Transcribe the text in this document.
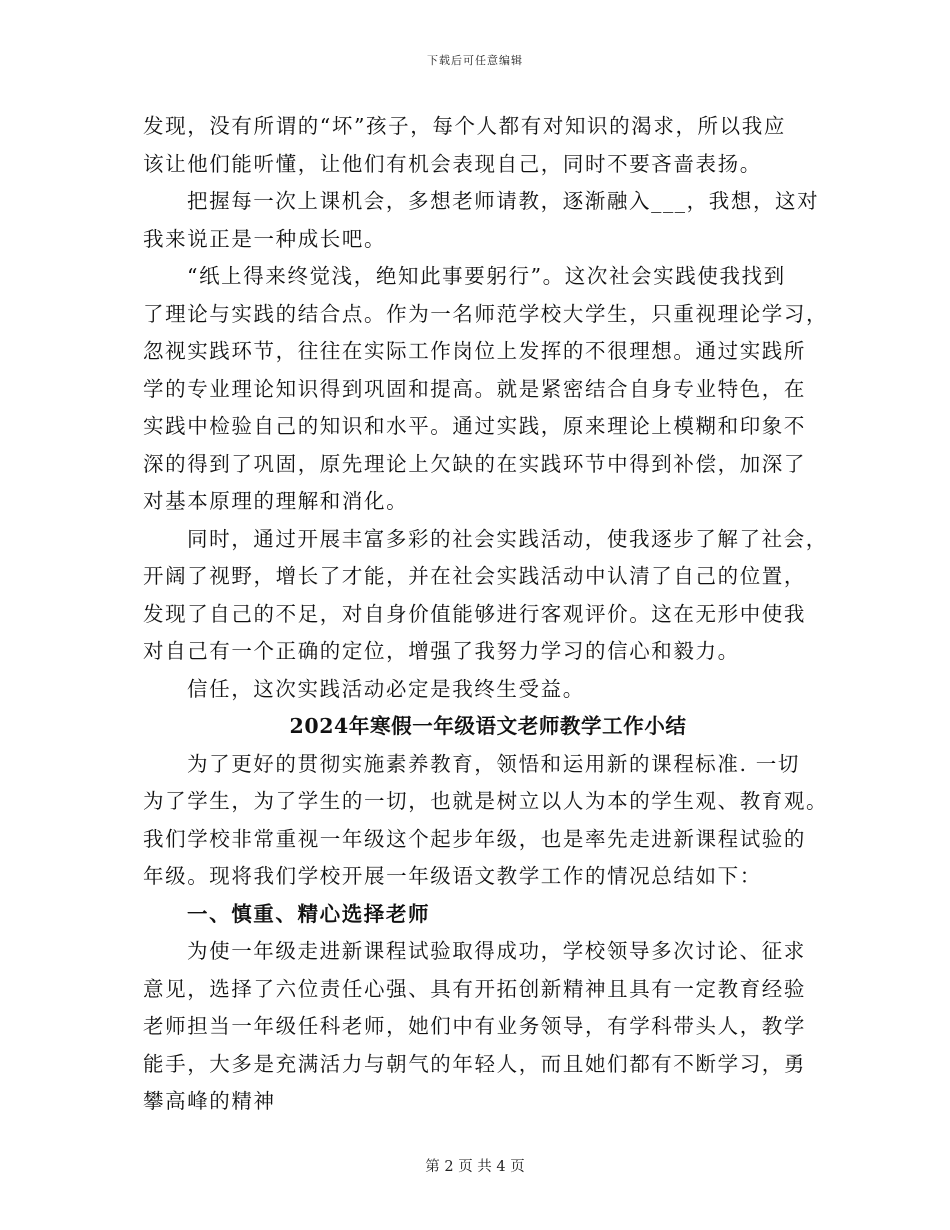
下载后可任意编辑
发现，没有所谓的“坏”孩子，每个人都有对知识的渴求，所以我应
该让他们能听懂，让他们有机会表现自己，同时不要吝啬表扬。
把握每一次上课机会，多想老师请教，逐渐融入___，我想，这对
我来说正是一种成长吧。
“纸上得来终觉浅，绝知此事要躬行”。这次社会实践使我找到
了理论与实践的结合点。作为一名师范学校大学生，只重视理论学习，
忽视实践环节，往往在实际工作岗位上发挥的不很理想。通过实践所
学的专业理论知识得到巩固和提高。就是紧密结合自身专业特色，在
实践中检验自己的知识和水平。通过实践，原来理论上模糊和印象不
深的得到了巩固，原先理论上欠缺的在实践环节中得到补偿，加深了
对基本原理的理解和消化。
同时，通过开展丰富多彩的社会实践活动，使我逐步了解了社会，
开阔了视野，增长了才能，并在社会实践活动中认清了自己的位置，
发现了自己的不足，对自身价值能够进行客观评价。这在无形中使我
对自己有一个正确的定位，增强了我努力学习的信心和毅力。
信任，这次实践活动必定是我终生受益。
2024年寒假一年级语文老师教学工作小结
为了更好的贯彻实施素养教育，领悟和运用新的课程标准. 一切
为了学生，为了学生的一切，也就是树立以人为本的学生观、教育观。
我们学校非常重视一年级这个起步年级，也是率先走进新课程试验的
年级。现将我们学校开展一年级语文教学工作的情况总结如下：
一、慎重、精心选择老师
为使一年级走进新课程试验取得成功，学校领导多次讨论、征求
意见，选择了六位责任心强、具有开拓创新精神且具有一定教育经验
老师担当一年级任科老师，她们中有业务领导，有学科带头人，教学
能手，大多是充满活力与朝气的年轻人，而且她们都有不断学习，勇
攀高峰的精神
第 2 页 共 4 页
